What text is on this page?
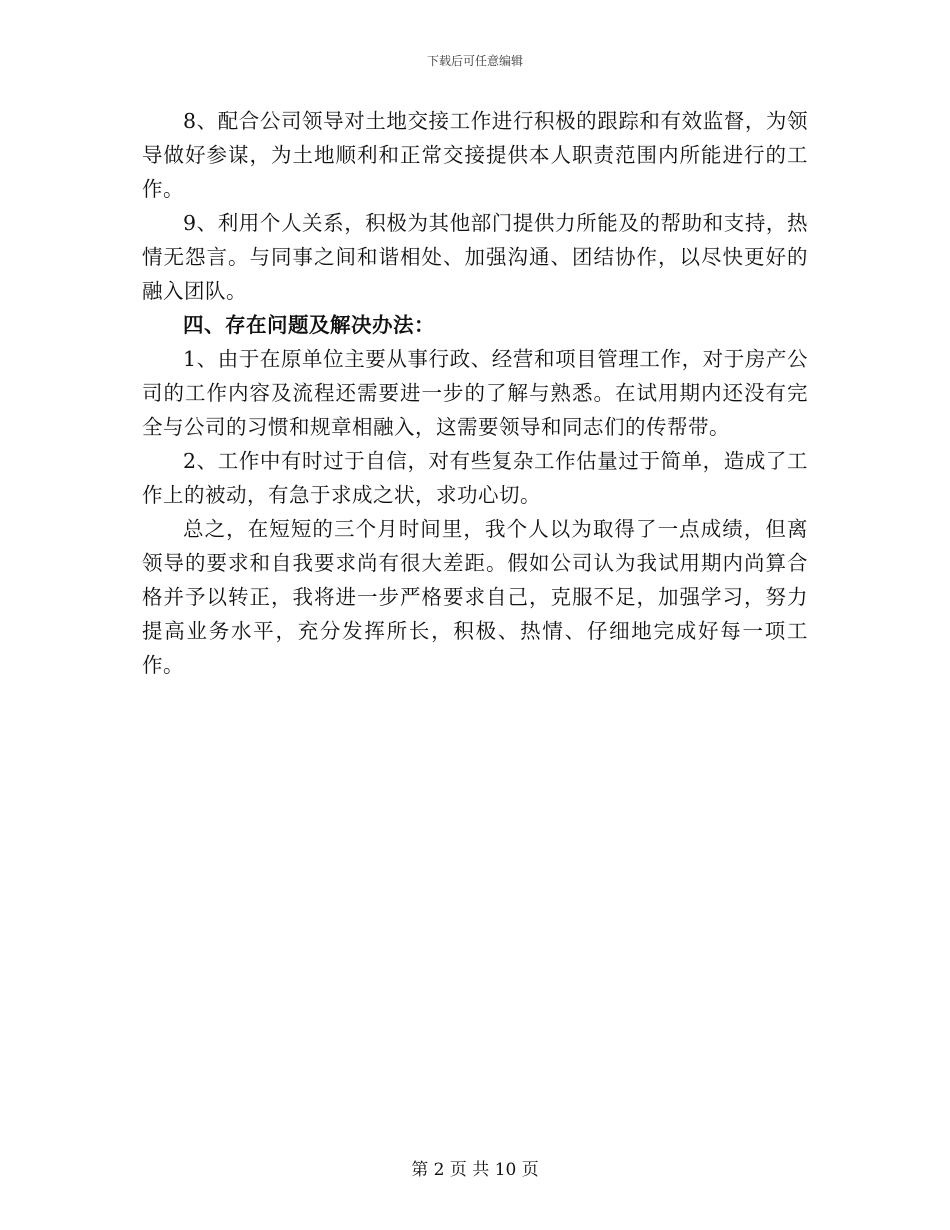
下载后可任意编辑

8、配合公司领导对土地交接工作进行积极的跟踪和有效监督，为领导做好参谋，为土地顺利和正常交接提供本人职责范围内所能进行的工作。

9、利用个人关系，积极为其他部门提供力所能及的帮助和支持，热情无怨言。与同事之间和谐相处、加强沟通、团结协作，以尽快更好的融入团队。

四、存在问题及解决办法：

1、由于在原单位主要从事行政、经营和项目管理工作，对于房产公司的工作内容及流程还需要进一步的了解与熟悉。在试用期内还没有完全与公司的习惯和规章相融入，这需要领导和同志们的传帮带。

2、工作中有时过于自信，对有些复杂工作估量过于简单，造成了工作上的被动，有急于求成之状，求功心切。

总之，在短短的三个月时间里，我个人以为取得了一点成绩，但离领导的要求和自我要求尚有很大差距。假如公司认为我试用期内尚算合格并予以转正，我将进一步严格要求自己，克服不足，加强学习，努力提高业务水平，充分发挥所长，积极、热情、仔细地完成好每一项工作。

第 2 页 共 10 页
